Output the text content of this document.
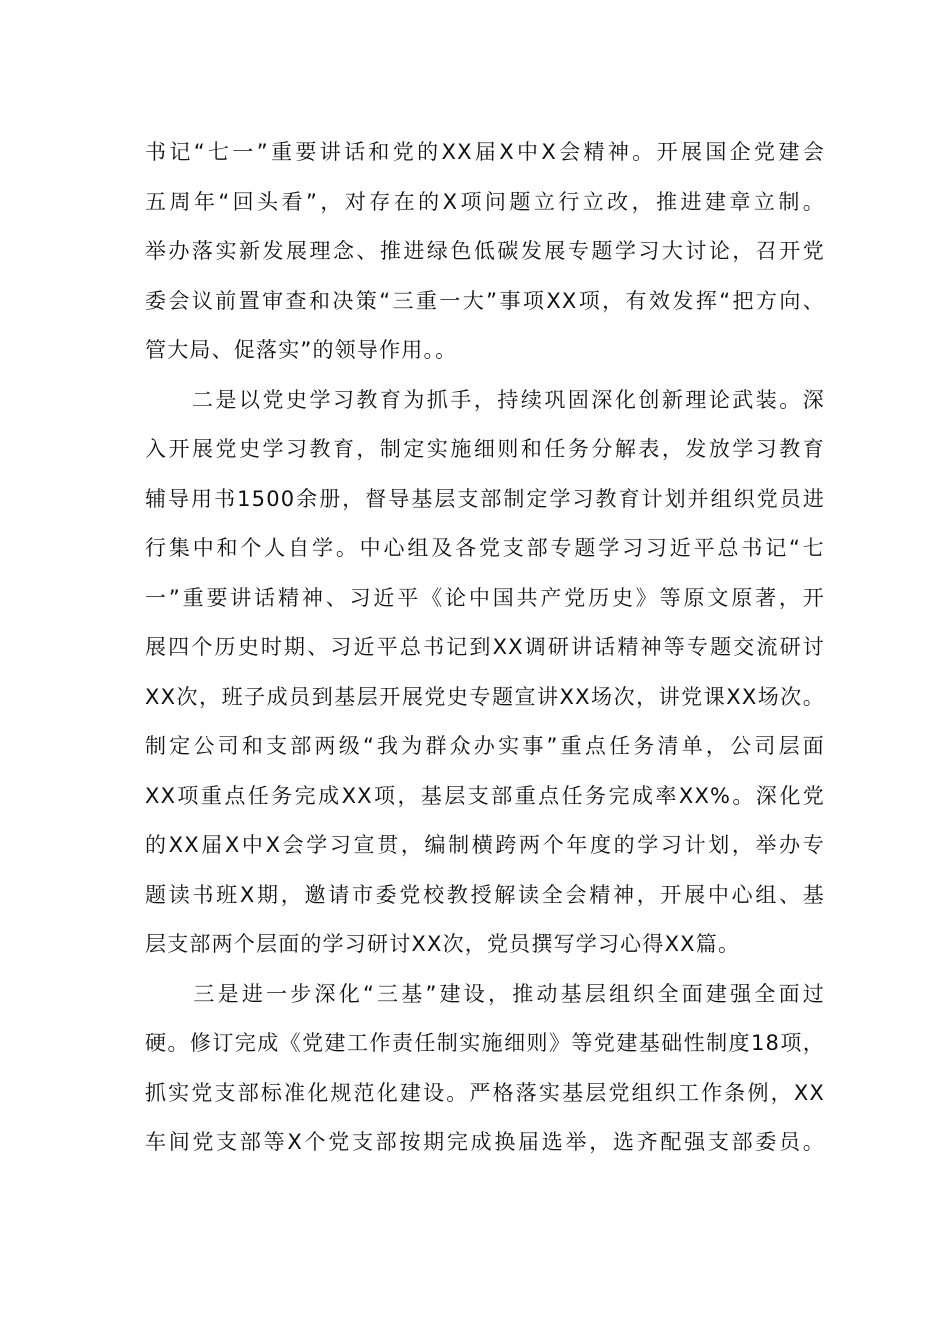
书记“七一”重要讲话和党的XX届X中X会精神。开展国企党建会
五周年“回头看”，对存在的X项问题立行立改，推进建章立制。
举办落实新发展理念、推进绿色低碳发展专题学习大讨论，召开党
委会议前置审查和决策“三重一大”事项XX项，有效发挥“把方向、
管大局、促落实”的领导作用。。
　　二是以党史学习教育为抓手，持续巩固深化创新理论武装。深
入开展党史学习教育，制定实施细则和任务分解表，发放学习教育
辅导用书1500余册，督导基层支部制定学习教育计划并组织党员进
行集中和个人自学。中心组及各党支部专题学习习近平总书记“七
一”重要讲话精神、习近平《论中国共产党历史》等原文原著，开
展四个历史时期、习近平总书记到XX调研讲话精神等专题交流研讨
XX次，班子成员到基层开展党史专题宣讲XX场次，讲党课XX场次。
制定公司和支部两级“我为群众办实事”重点任务清单，公司层面
XX项重点任务完成XX项，基层支部重点任务完成率XX%。深化党
的XX届X中X会学习宣贯，编制横跨两个年度的学习计划，举办专
题读书班X期，邀请市委党校教授解读全会精神，开展中心组、基
层支部两个层面的学习研讨XX次，党员撰写学习心得XX篇。
　　三是进一步深化“三基”建设，推动基层组织全面建强全面过
硬。修订完成《党建工作责任制实施细则》等党建基础性制度18项，
抓实党支部标准化规范化建设。严格落实基层党组织工作条例，XX
车间党支部等X个党支部按期完成换届选举，选齐配强支部委员。
